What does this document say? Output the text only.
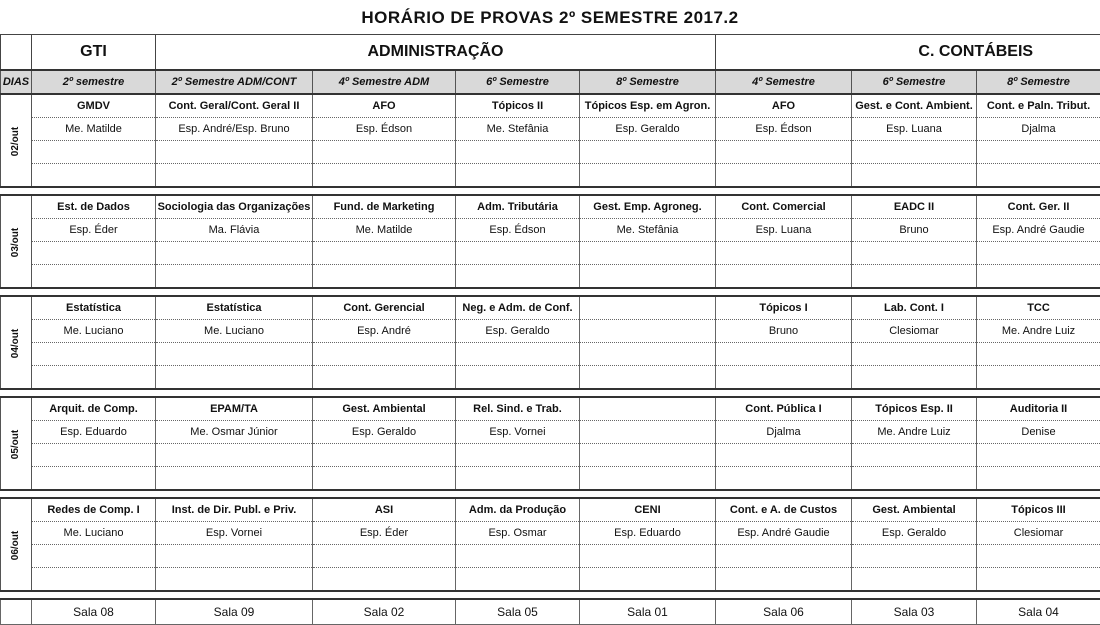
HORÁRIO DE PROVAS 2º SEMESTRE 2017.2
	GTI	ADMINISTRAÇÃO					C. CONTÁBEIS	
DIAS	2º semestre	2º Semestre ADM/CONT	4º Semestre ADM	6º Semestre	8º Semestre	4º Semestre	6º Semestre	8º Semestre
02/out	GMDV	Cont. Geral/Cont. Geral II	AFO	Tópicos II	Tópicos Esp. em Agron.	AFO	Gest. e Cont. Ambient.	Cont. e Paln. Tribut.
	Me. Matilde	Esp. André/Esp. Bruno	Esp. Édson	Me. Stefânia	Esp. Geraldo	Esp. Édson	Esp. Luana	Djalma

03/out	Est. de Dados	Sociologia das Organizações	Fund. de Marketing	Adm. Tributária	Gest. Emp. Agroneg.	Cont. Comercial	EADC II	Cont. Ger. II
	Esp. Éder	Ma. Flávia	Me. Matilde	Esp. Édson	Me. Stefânia	Esp. Luana	Bruno	Esp. André Gaudie

04/out	Estatística	Estatística	Cont. Gerencial	Neg. e Adm. de Conf.		Tópicos I	Lab. Cont. I	TCC
	Me. Luciano	Me. Luciano	Esp. André	Esp. Geraldo		Bruno	Clesiomar	Me. Andre Luiz

05/out	Arquit. de Comp.	EPAM/TA	Gest. Ambiental	Rel. Sind. e Trab.		Cont. Pública I	Tópicos Esp. II	Auditoria II
	Esp. Eduardo	Me. Osmar Júnior	Esp. Geraldo	Esp. Vornei		Djalma	Me. Andre Luiz	Denise

06/out	Redes de Comp. I	Inst. de Dir. Publ. e Priv.	ASI	Adm. da Produção	CENI	Cont. e A. de Custos	Gest. Ambiental	Tópicos III
	Me. Luciano	Esp. Vornei	Esp. Éder	Esp. Osmar	Esp. Eduardo	Esp. André Gaudie	Esp. Geraldo	Clesiomar

	Sala 08	Sala 09	Sala 02	Sala 05	Sala 01	Sala 06	Sala 03	Sala 04
